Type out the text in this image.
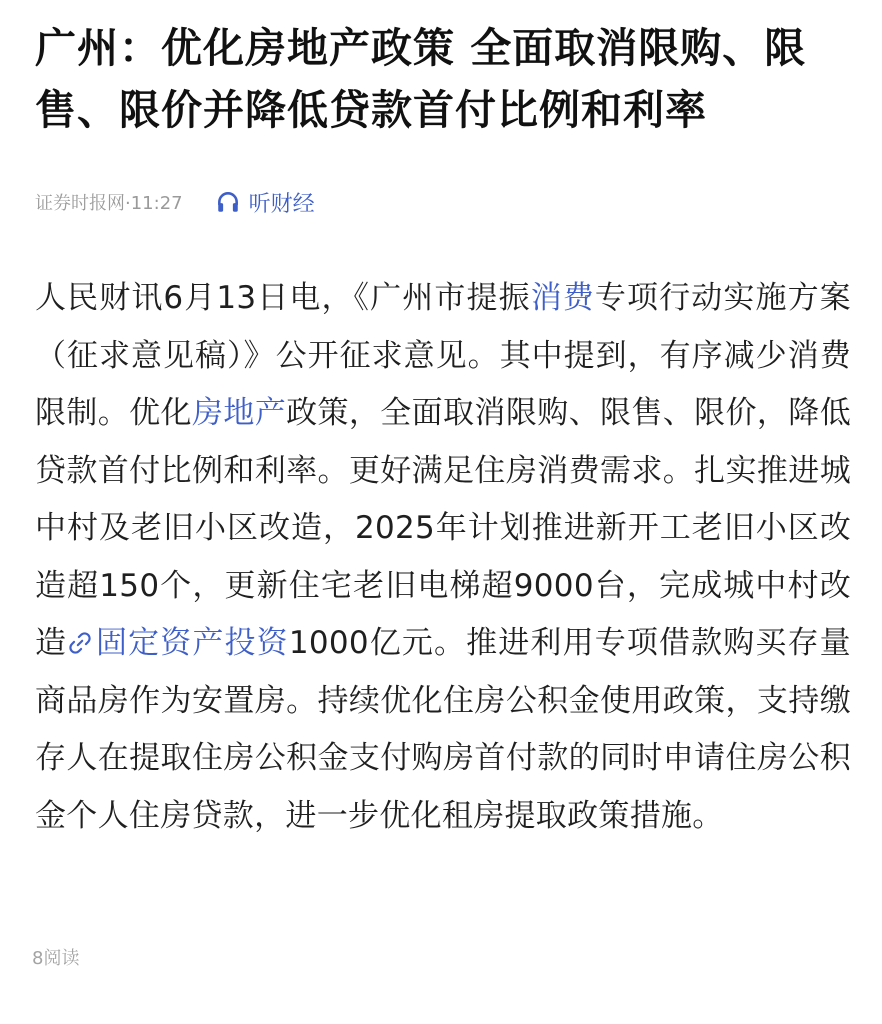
广州：优化房地产政策 全面取消限购、限售、限价并降低贷款首付比例和利率
证券时报网·11:27	听财经

人民财讯6月13日电，《广州市提振消费专项行动实施方案（征求意见稿）》公开征求意见。其中提到，有序减少消费限制。优化房地产政策，全面取消限购、限售、限价，降低贷款首付比例和利率。更好满足住房消费需求。扎实推进城中村及老旧小区改造，2025年计划推进新开工老旧小区改造超150个，更新住宅老旧电梯超9000台，完成城中村改造 固定资产投资1000亿元。推进利用专项借款购买存量商品房作为安置房。持续优化住房公积金使用政策，支持缴存人在提取住房公积金支付购房首付款的同时申请住房公积金个人住房贷款，进一步优化租房提取政策措施。

8阅读
